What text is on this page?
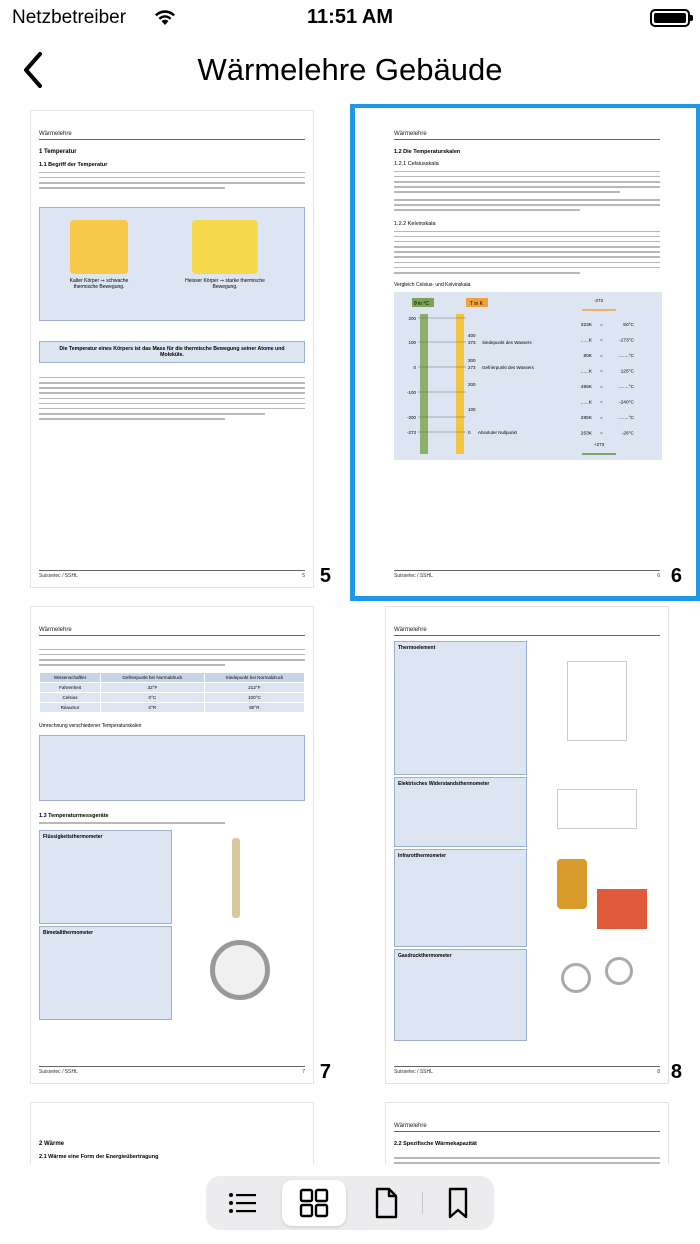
Netzbetreiber	11:51 AM
Wärmelehre Gebäude
Wärmelehre
1 Temperatur
1.1 Begriff der Temperatur
Kalter Körper ⇒ schwache thermische Bewegung.
Heisser Körper ⇒ starke thermische Bewegung.
Die Temperatur eines Körpers ist das Mass für die thermische Bewegung seiner Atome und Moleküle.
Suissetec / SSHL	5 5
Wärmelehre
1.2 Die Temperaturskalen
1.2.1 Celsiusskala
1.2.2 Kelvinskala
Vergleich Celsius- und Kelvinskala
ϑ in °C	T in K
200
100
0
-100
-200
-273
400
373
300
273
200
100
0
Siedepunkt des Wassers
Gefrierpunkt des Wassers
Absoluter Nullpunkt
-273
323K =	50°C
......K =	-173°C
80K =	........°C
......K =	125°C
455K =	........°C
......K =	-240°C
285K =	........°C
253K =	-20°C
+273
Suissetec / SSHL	6 6
Wärmelehre
Wissenschaftler	Gefrierpunkt bei Normaldruck	Siedepunkt bei Normaldruck
Fahrenheit	32°F	212°F
Celsius	0°C	100°C
Réaumur	0°R	80°R
Umrechnung verschiedener Temperaturskalen
1.3 Temperaturmessgeräte
Flüssigkeitsthermometer
Bimetallthermometer
Suissetec / SSHL	7 7
Wärmelehre
Thermoelement
Elektrisches Widerstandsthermometer
Infrarotthermometer
Gasdruckthermometer
Suissetec / SSHL	8 8
2 Wärme
2.1 Wärme eine Form der Energieübertragung
Wärmelehre
2.2 Spezifische Wärmekapazität
